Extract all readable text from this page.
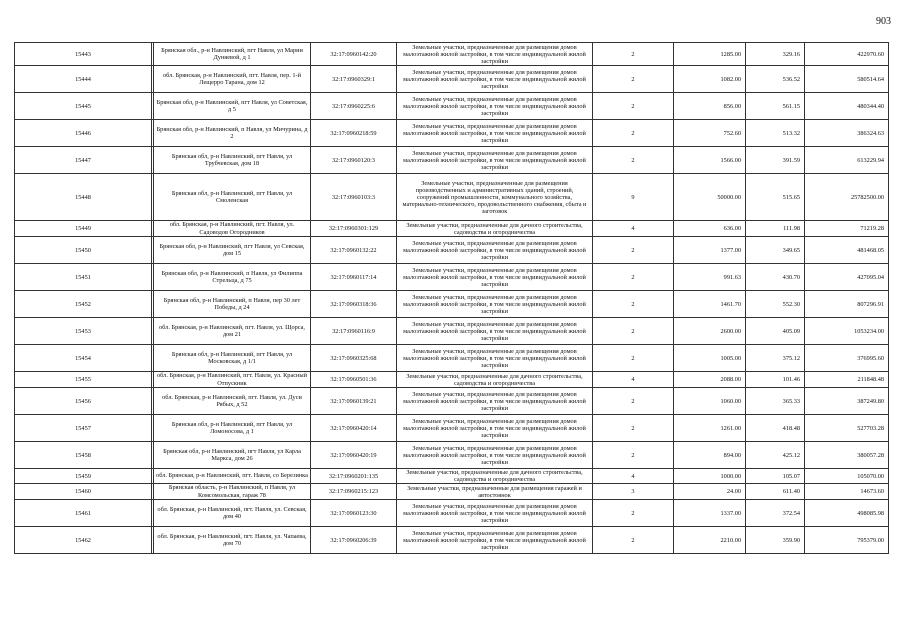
903
15443		Брянская обл., р-н Навлинский, пгт Навля, ул Марии Дуняевой, д 1	32:17:0960142:20	Земельные участки, предназначенные для размещения домов малоэтажной жилой застройки, в том числе индивидуальной жилой застройки	2	1285.00	329.16	422970.60
15444		обл. Брянская, р-н Навлинский, пгт. Навля, пер. 1-й Лещерро Тарана, дом 12	32:17:0960329:1	Земельные участки, предназначенные для размещения домов малоэтажной жилой застройки, в том числе индивидуальной жилой застройки	2	1082.00	536.52	580514.64
15445		Брянская обл, р-н Навлинский, пгт Навля, ул Советская, д 5	32:17:0960225:6	Земельные участки, предназначенные для размещения домов малоэтажной жилой застройки, в том числе индивидуальной жилой застройки	2	856.00	561.15	480344.40
15446		Брянская обл, р-н Навлинский, п Навля, ул Мичурина, д 2	32:17:0960218:59	Земельные участки, предназначенные для размещения домов малоэтажной жилой застройки, в том числе индивидуальной жилой застройки	2	752.60	513.32	386324.63
15447		Брянская обл, р-н Навлинский, пгт Навля, ул Трубчевская, дом 18	32:17:0960120:3	Земельные участки, предназначенные для размещения домов малоэтажной жилой застройки, в том числе индивидуальной жилой застройки	2	1566.00	391.59	613229.94
15448		Брянская обл, р-н Навлинский, пгт Навля, ул Смоленская	32:17:0960103:3	Земельные участки, предназначенные для размещения производственных и административных зданий, строений, сооружений промышленности, коммунального хозяйства, материально-технического, продовольственного снабжения, сбыта и заготовок	9	50000.00	515.65	25782500.00
15449		обл. Брянская, р-н Навлинский, пгт. Навля, ул. Садоводов Огородников	32:17:0960301:129	Земельные участки, предназначенные для дачного строительства, садоводства и огородничества	4	636.00	111.98	71219.28
15450		Брянская обл, р-н Навлинский, пгт Навля, ул Севская, дом 15	32:17:0960132:22	Земельные участки, предназначенные для размещения домов малоэтажной жилой застройки, в том числе индивидуальной жилой застройки	2	1377.00	349.65	481468.05
15451		Брянская обл, р-н Навлинский, п Навля, ул Филиппа Стрельца, д 75	32:17:0960117:14	Земельные участки, предназначенные для размещения домов малоэтажной жилой застройки, в том числе индивидуальной жилой застройки	2	991.63	430.70	427095.04
15452		Брянская обл, р-н Навлинский, п Навля, пер 30 лет Победы, д 24	32:17:0960318:36	Земельные участки, предназначенные для размещения домов малоэтажной жилой застройки, в том числе индивидуальной жилой застройки	2	1461.70	552.30	807296.91
15453		обл. Брянская, р-н Навлинский, пгт. Навля, ул. Щорса, дом 21	32:17:0960116:9	Земельные участки, предназначенные для размещения домов малоэтажной жилой застройки, в том числе индивидуальной жилой застройки	2	2600.00	405.09	1053234.00
15454		Брянская обл, р-н Навлинский, пгт Навля, ул Московская, д 1/1	32:17:0960325:68	Земельные участки, предназначенные для размещения домов малоэтажной жилой застройки, в том числе индивидуальной жилой застройки	2	1005.00	375.12	376995.60
15455		обл. Брянская, р-н Навлинский, пгт. Навля, ул. Красный Отпускник	32:17:0960501:36	Земельные участки, предназначенные для дачного строительства, садоводства и огородничества	4	2088.00	101.46	211848.48
15456		обл. Брянская, р-н Навлинский, пгт. Навля, ул. Дуси Рябых, д 52	32:17:0960139:21	Земельные участки, предназначенные для размещения домов малоэтажной жилой застройки, в том числе индивидуальной жилой застройки	2	1060.00	365.33	387249.80
15457		Брянская обл, р-н Навлинский, пгт Навля, ул Ломоносова, д 1	32:17:0960420:14	Земельные участки, предназначенные для размещения домов малоэтажной жилой застройки, в том числе индивидуальной жилой застройки	2	1261.00	418.48	527703.28
15458		Брянская обл, р-н Навлинский, пгт Навля, ул Карла Маркса, дом 26	32:17:0960420:19	Земельные участки, предназначенные для размещения домов малоэтажной жилой застройки, в том числе индивидуальной жилой застройки	2	894.00	425.12	380057.28
15459		обл. Брянская, р-н Навлинский, пгт. Навля, сo Березинка	32:17:0960201:135	Земельные участки, предназначенные для дачного строительства, садоводства и огородничества	4	1000.00	105.07	105070.00
15460		Брянская область, р-н Навлинский, п Навля, ул Комсомольская, гараж 78	32:17:0960215:123	Земельные участки, предназначенные для размещения гаражей и автостоянок	3	24.00	611.40	14673.60
15461		обл. Брянская, р-н Навлинский, пгт. Навля, ул. Севская, дом 40	32:17:0960123:30	Земельные участки, предназначенные для размещения домов малоэтажной жилой застройки, в том числе индивидуальной жилой застройки	2	1337.00	372.54	498085.98
15462		обл. Брянская, р-н Навлинский, пгт. Навля, ул. Чапаева, дом 70	32:17:0960206:39	Земельные участки, предназначенные для размещения домов малоэтажной жилой застройки, в том числе индивидуальной жилой застройки	2	2210.00	359.90	795379.00
